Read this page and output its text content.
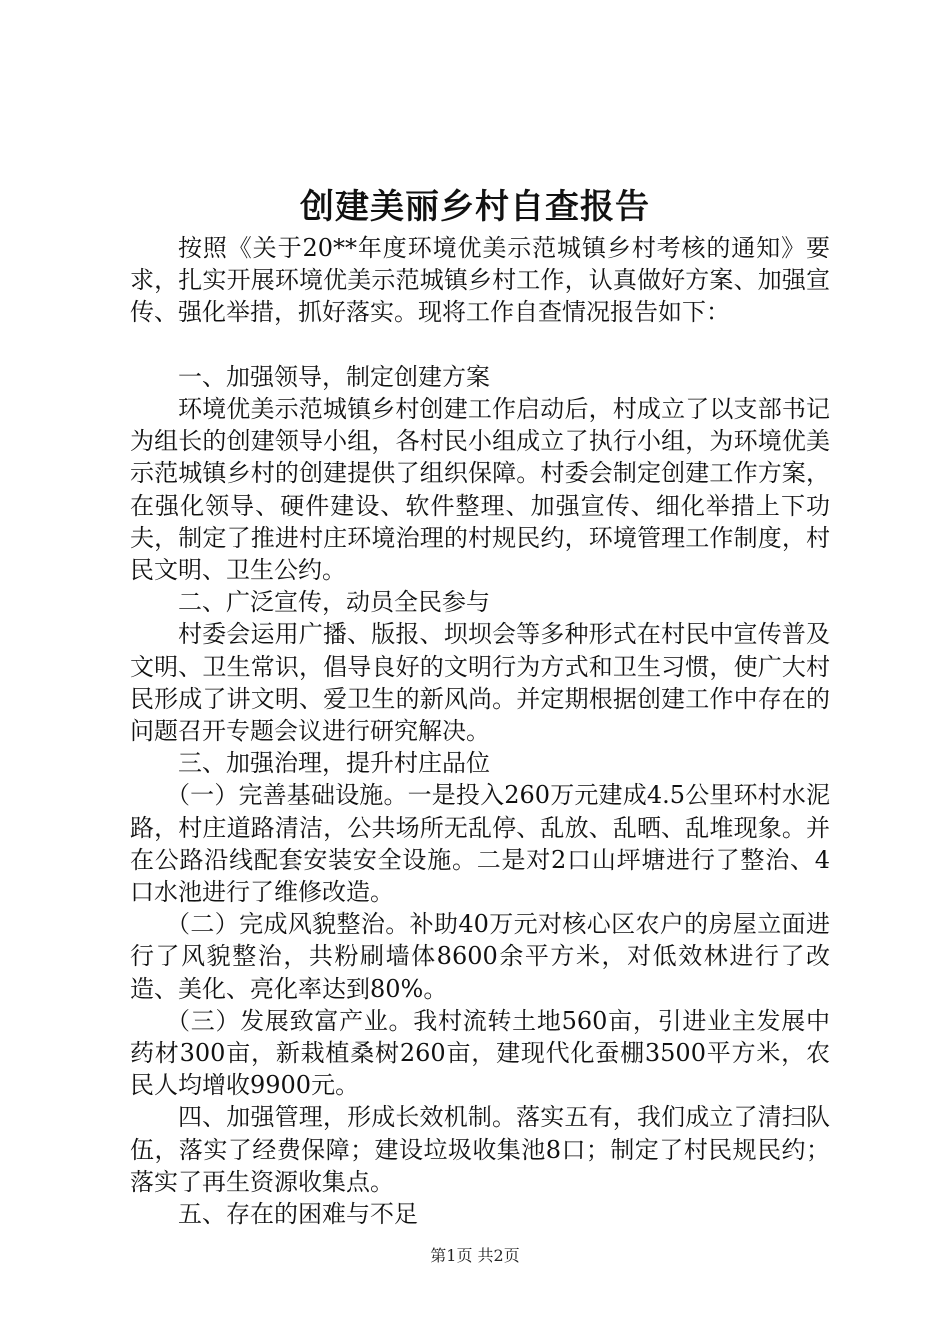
创建美丽乡村自查报告

按照《关于20**年度环境优美示范城镇乡村考核的通知》要求，扎实开展环境优美示范城镇乡村工作，认真做好方案、加强宣传、强化举措，抓好落实。现将工作自查情况报告如下：

一、加强领导，制定创建方案

环境优美示范城镇乡村创建工作启动后，村成立了以支部书记为组长的创建领导小组，各村民小组成立了执行小组，为环境优美示范城镇乡村的创建提供了组织保障。村委会制定创建工作方案，在强化领导、硬件建设、软件整理、加强宣传、细化举措上下功夫，制定了推进村庄环境治理的村规民约，环境管理工作制度，村民文明、卫生公约。

二、广泛宣传，动员全民参与

村委会运用广播、版报、坝坝会等多种形式在村民中宣传普及文明、卫生常识，倡导良好的文明行为方式和卫生习惯，使广大村民形成了讲文明、爱卫生的新风尚。并定期根据创建工作中存在的问题召开专题会议进行研究解决。

三、加强治理，提升村庄品位

（一）完善基础设施。一是投入260万元建成4.5公里环村水泥路，村庄道路清洁，公共场所无乱停、乱放、乱晒、乱堆现象。并在公路沿线配套安装安全设施。二是对2口山坪塘进行了整治、4口水池进行了维修改造。

（二）完成风貌整治。补助40万元对核心区农户的房屋立面进行了风貌整治，共粉刷墙体8600余平方米，对低效林进行了改造、美化、亮化率达到80%。

（三）发展致富产业。我村流转土地560亩，引进业主发展中药材300亩，新栽植桑树260亩，建现代化蚕棚3500平方米，农民人均增收9900元。

四、加强管理，形成长效机制。落实五有，我们成立了清扫队伍，落实了经费保障；建设垃圾收集池8口；制定了村民规民约；落实了再生资源收集点。

五、存在的困难与不足

第1页 共2页
